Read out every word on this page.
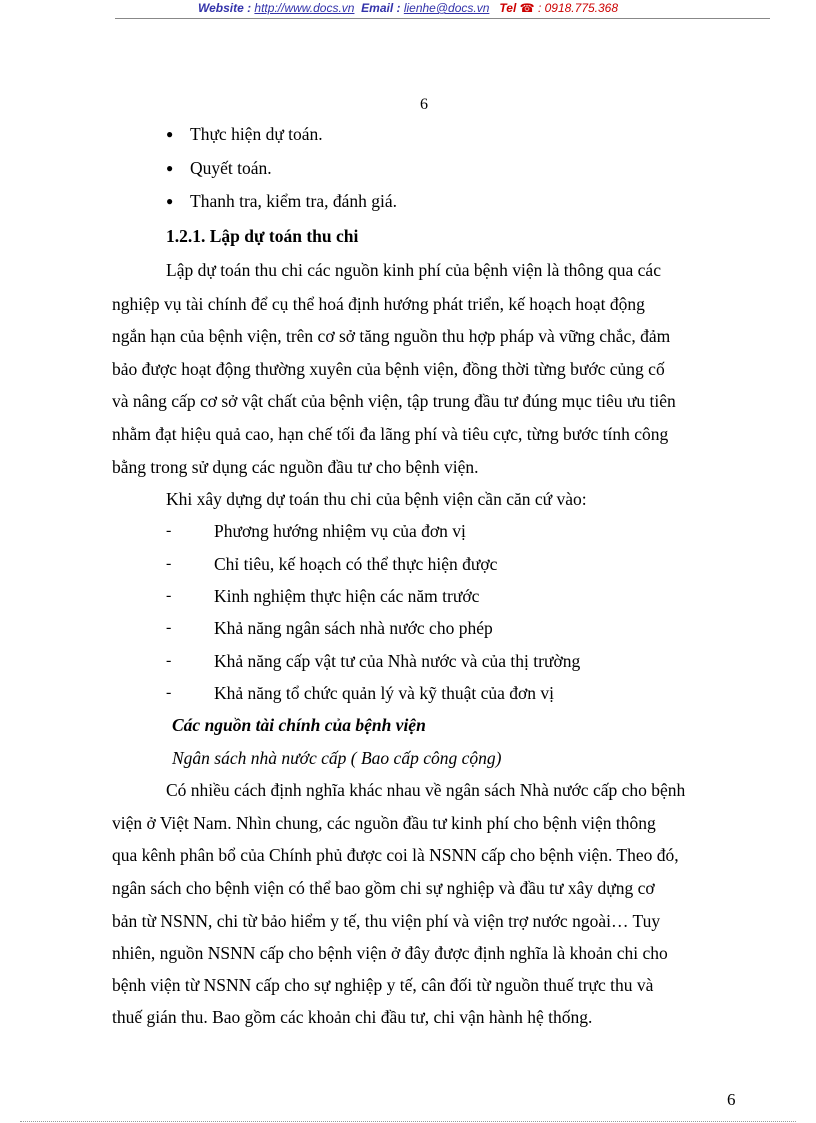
Website : http://www.docs.vn Email : lienhe@docs.vn Tel ☎ : 0918.775.368
6
● Thực hiện dự toán.
● Quyết toán.
● Thanh tra, kiểm tra, đánh giá.
1.2.1. Lập dự toán thu chi
Lập dự toán thu chi các nguồn kinh phí của bệnh viện là thông qua các
nghiệp vụ tài chính để cụ thể hoá định hướng phát triển, kế hoạch hoạt động
ngắn hạn của bệnh viện, trên cơ sở tăng nguồn thu hợp pháp và vững chắc, đảm
bảo được hoạt động thường xuyên của bệnh viện, đồng thời từng bước củng cố
và nâng cấp cơ sở vật chất của bệnh viện, tập trung đầu tư đúng mục tiêu ưu tiên
nhằm đạt hiệu quả cao, hạn chế tối đa lãng phí và tiêu cực, từng bước tính công
bằng trong sử dụng các nguồn đầu tư cho bệnh viện.
Khi xây dựng dự toán thu chi của bệnh viện cần căn cứ vào:
- Phương hướng nhiệm vụ của đơn vị
- Chỉ tiêu, kế hoạch có thể thực hiện được
- Kinh nghiệm thực hiện các năm trước
- Khả năng ngân sách nhà nước cho phép
- Khả năng cấp vật tư của Nhà nước và của thị trường
- Khả năng tổ chức quản lý và kỹ thuật của đơn vị
Các nguồn tài chính của bệnh viện
Ngân sách nhà nước cấp ( Bao cấp công cộng)
Có nhiều cách định nghĩa khác nhau về ngân sách Nhà nước cấp cho bệnh
viện ở Việt Nam. Nhìn chung, các nguồn đầu tư kinh phí cho bệnh viện thông
qua kênh phân bổ của Chính phủ được coi là NSNN cấp cho bệnh viện. Theo đó,
ngân sách cho bệnh viện có thể bao gồm chi sự nghiệp và đầu tư xây dựng cơ
bản từ NSNN, chi từ bảo hiểm y tế, thu viện phí và viện trợ nước ngoài… Tuy
nhiên, nguồn NSNN cấp cho bệnh viện ở đây được định nghĩa là khoản chi cho
bệnh viện từ NSNN cấp cho sự nghiệp y tế, cân đối từ nguồn thuế trực thu và
thuế gián thu. Bao gồm các khoản chi đầu tư, chi vận hành hệ thống.
6
